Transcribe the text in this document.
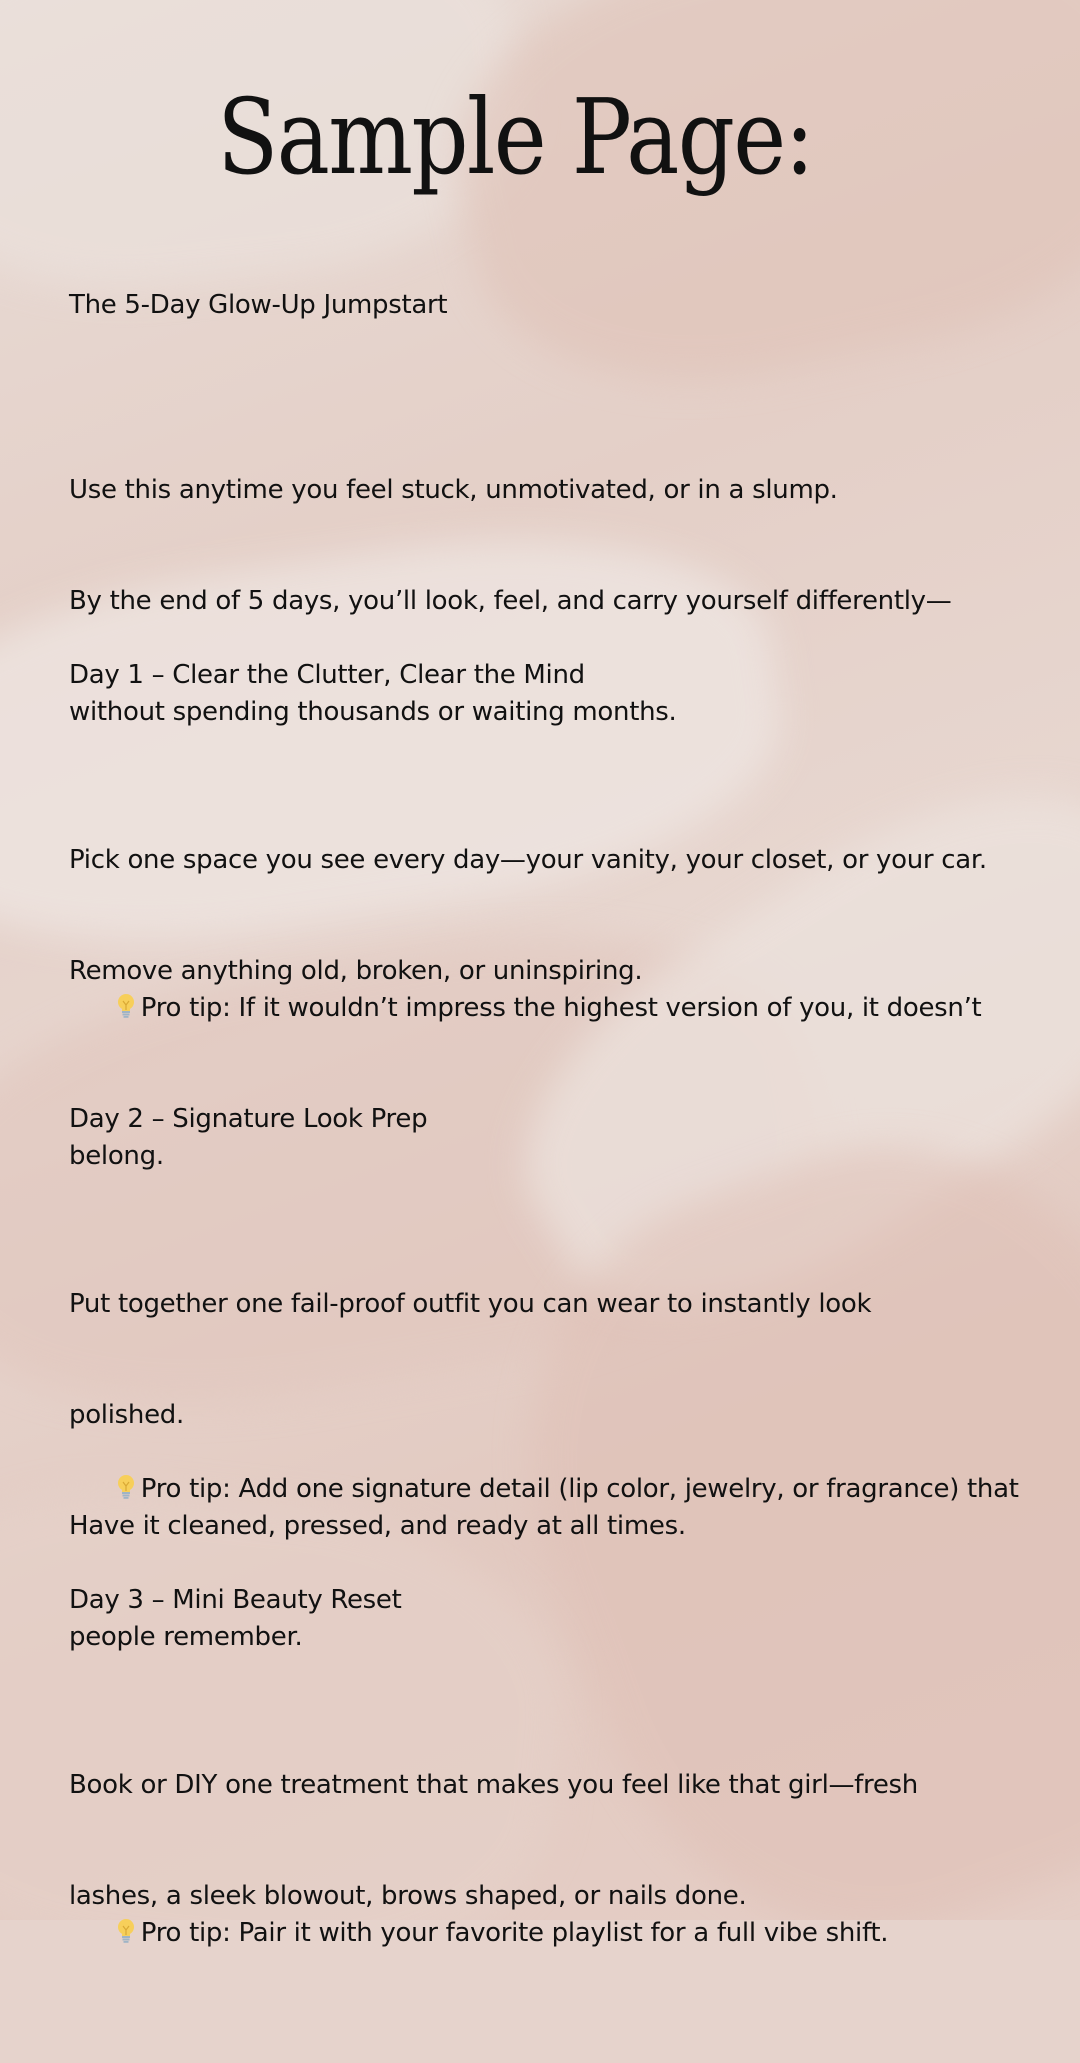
Sample Page:
The 5-Day Glow-Up Jumpstart

Use this anytime you feel stuck, unmotivated, or in a slump.

By the end of 5 days, you’ll look, feel, and carry yourself differently—

without spending thousands or waiting months.

Day 1 – Clear the Clutter, Clear the Mind

Pick one space you see every day—your vanity, your closet, or your car.

Remove anything old, broken, or uninspiring.

Pro tip: If it wouldn’t impress the highest version of you, it doesn’t

belong.

Day 2 – Signature Look Prep

Put together one fail-proof outfit you can wear to instantly look

polished.

Have it cleaned, pressed, and ready at all times.

Pro tip: Add one signature detail (lip color, jewelry, or fragrance) that

people remember.

Day 3 – Mini Beauty Reset

Book or DIY one treatment that makes you feel like that girl—fresh

lashes, a sleek blowout, brows shaped, or nails done.

Pro tip: Pair it with your favorite playlist for a full vibe shift.
